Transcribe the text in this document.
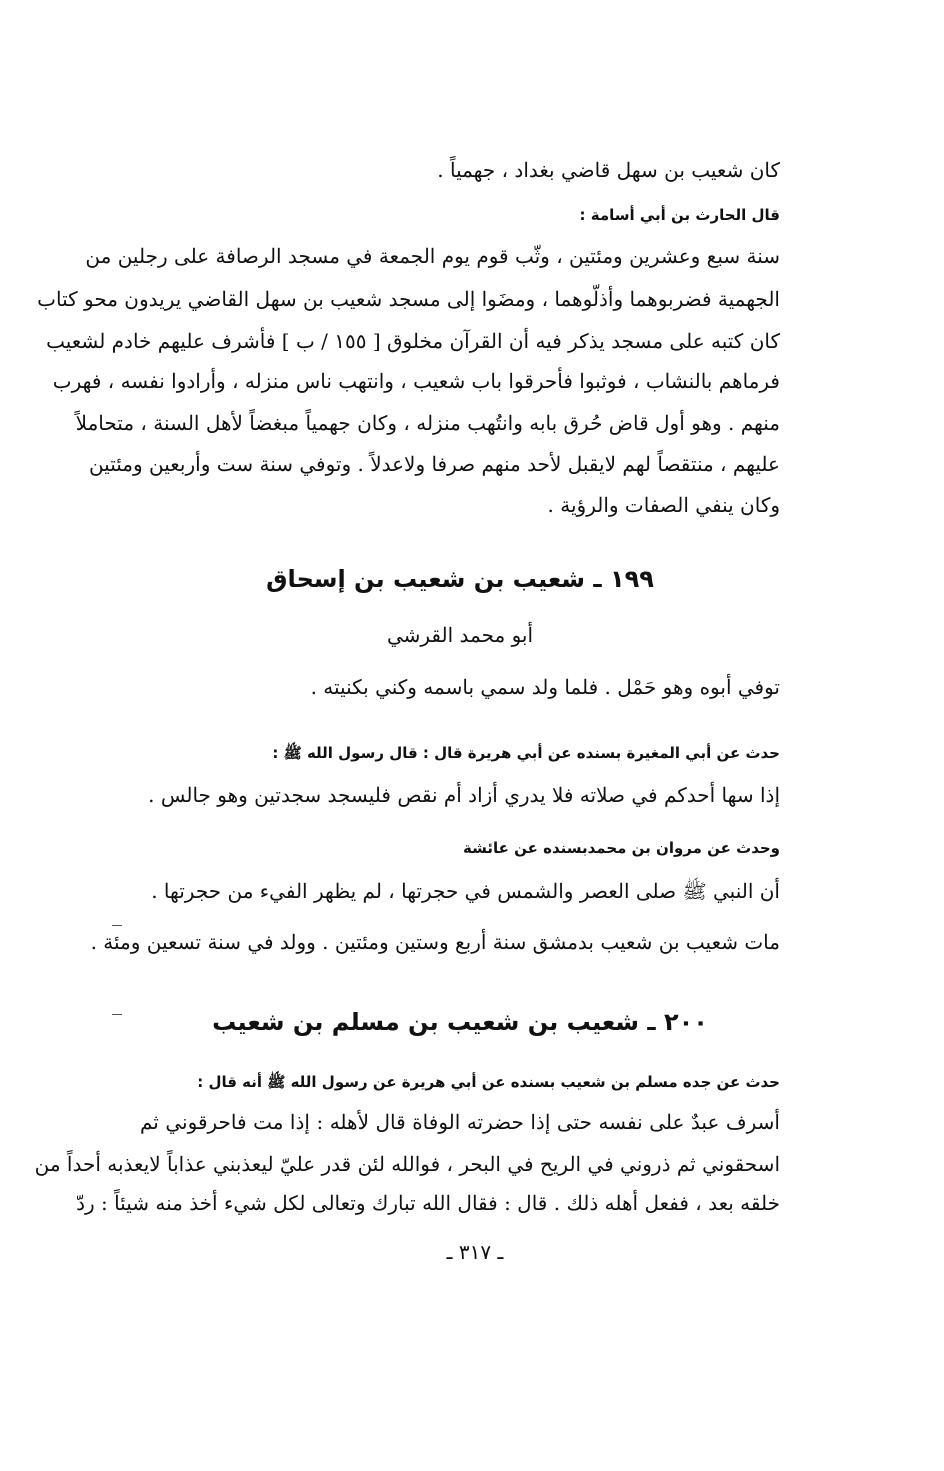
كان شعيب بن سهل قاضي بغداد ، جهمياً .
قال الحارث بن أبي أسامة :
سنة سبع وعشرين ومئتين ، وثّب قوم يوم الجمعة في مسجد الرصافة على رجلين من
الجهمية فضربوهما وأذلّوهما ، ومضَوا إلى مسجد شعيب بن سهل القاضي يريدون محو كتاب
كان كتبه على مسجد يذكر فيه أن القرآن مخلوق [ ١٥٥ / ب ] فأشرف عليهم خادم لشعيب
فرماهم بالنشاب ، فوثبوا فأحرقوا باب شعيب ، وانتهب ناس منزله ، وأرادوا نفسه ، فهرب
منهم . وهو أول قاض حُرق بابه وانتُهب منزله ، وكان جهمياً مبغضاً لأهل السنة ، متحاملاً
عليهم ، منتقصاً لهم لايقبل لأحد منهم صرفا ولاعدلاً . وتوفي سنة ست وأربعين ومئتين
وكان ينفي الصفات والرؤية .
١٩٩ ـ شعيب بن شعيب بن إسحاق
أبو محمد القرشي
توفي أبوه وهو حَمْل . فلما ولد سمي باسمه وكني بكنيته .
حدث عن أبي المغيرة بسنده عن أبي هريرة قال : قال رسول الله ﷺ :
إذا سها أحدكم في صلاته فلا يدري أزاد أم نقص فليسجد سجدتين وهو جالس .
وحدث عن مروان بن محمدبسنده عن عائشة
أن النبي ﷺ صلى العصر والشمس في حجرتها ، لم يظهر الفيء من حجرتها .
مات شعيب بن شعيب بدمشق سنة أربع وستين ومئتين . وولد في سنة تسعين ومئة .
٢٠٠ ـ شعيب بن شعيب بن مسلم بن شعيب
حدث عن جده مسلم بن شعيب بسنده عن أبي هريرة عن رسول الله ﷺ أنه قال :
أسرف عبدٌ على نفسه حتى إذا حضرته الوفاة قال لأهله : إذا مت فاحرقوني ثم
اسحقوني ثم ذروني في الريح في البحر ، فوالله لئن قدر عليّ ليعذبني عذاباً لايعذبه أحداً من
خلقه بعد ، ففعل أهله ذلك . قال : فقال الله تبارك وتعالى لكل شيء أخذ منه شيئاً : ردّ
ـ ٣١٧ ـ
